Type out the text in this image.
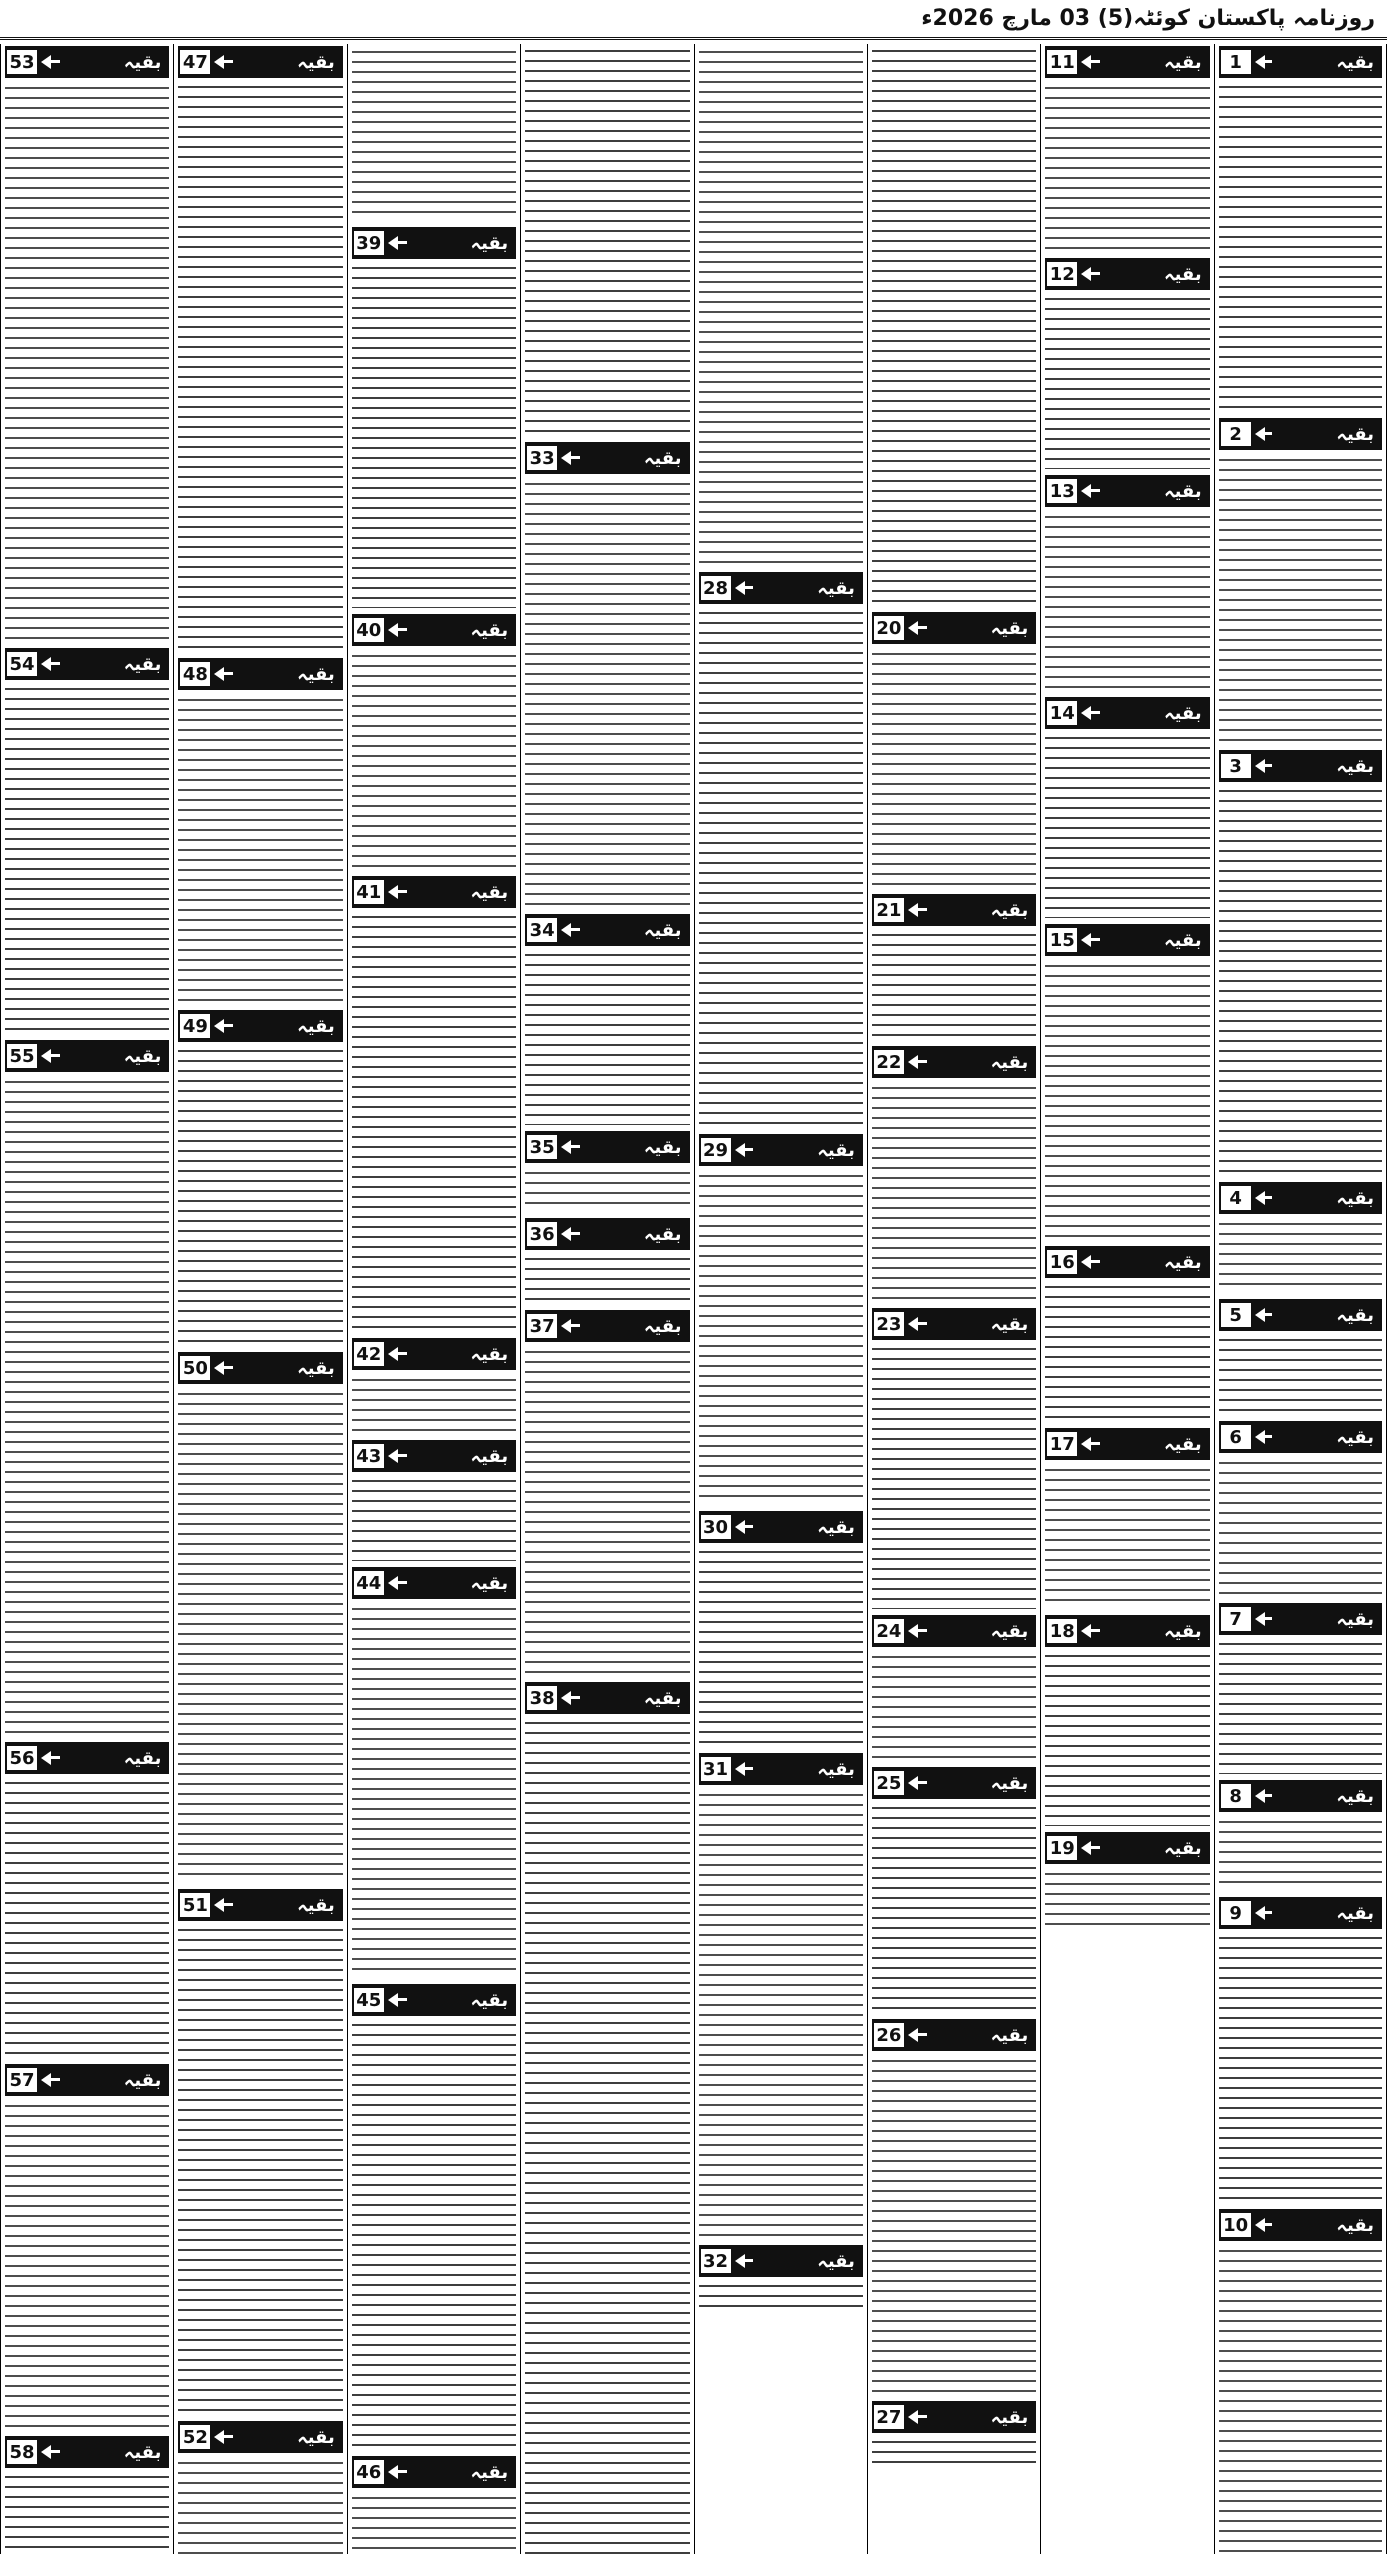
روزنامہ پاکستان کوئٹہ(5) 03 مارچ 2026ء
1	بقیہ
2	بقیہ
3	بقیہ
4	بقیہ
5	بقیہ
6	بقیہ
7	بقیہ
8	بقیہ
9	بقیہ
10	بقیہ
11	بقیہ
12	بقیہ
13	بقیہ
14	بقیہ
15	بقیہ
16	بقیہ
17	بقیہ
18	بقیہ
19	بقیہ
20	بقیہ
21	بقیہ
22	بقیہ
23	بقیہ
24	بقیہ
25	بقیہ
26	بقیہ
27	بقیہ
28	بقیہ
29	بقیہ
30	بقیہ
31	بقیہ
32	بقیہ
33	بقیہ
34	بقیہ
35	بقیہ
36	بقیہ
37	بقیہ
38	بقیہ
39	بقیہ
40	بقیہ
41	بقیہ
42	بقیہ
43	بقیہ
44	بقیہ
45	بقیہ
46	بقیہ
47	بقیہ
48	بقیہ
49	بقیہ
50	بقیہ
51	بقیہ
52	بقیہ
53	بقیہ
54	بقیہ
55	بقیہ
56	بقیہ
57	بقیہ
58	بقیہ
